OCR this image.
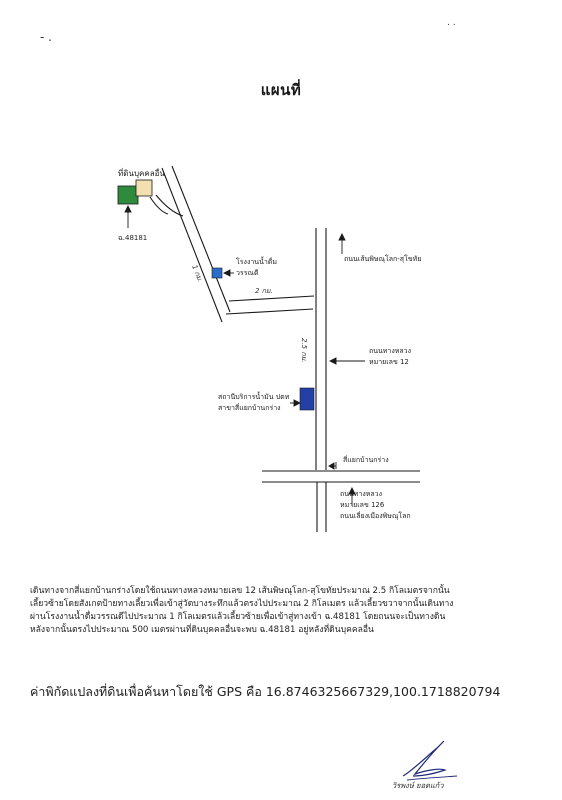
‑ .
. .
แผนที่
ที่ดินบุคคลอื่น
ฉ.48181
โรงงานน้ำดื่ม
วรรณดี
ถนนเส้นพิษณุโลก-สุโขทัย
2 กม.
1 กม.
2.5 กม.	ถนนทางหลวง
หมายเลข 12
สถานีบริการน้ำมัน ปตท
สาขาสี่แยกบ้านกร่าง
สี่แยกบ้านกร่าง
ถนนทางหลวง
หมายเลข 126
ถนนเลี่ยงเมืองพิษณุโลก

เดินทางจากสี่แยกบ้านกร่างโดยใช้ถนนทางหลวงหมายเลข 12 เส้นพิษณุโลก-สุโขทัยประมาณ 2.5 กิโลเมตรจากนั้น

เลี้ยวซ้ายโดยสังเกตป้ายทางเลี้ยวเพื่อเข้าสู่วัดบางระทึกแล้วตรงไปประมาณ 2 กิโลเมตร แล้วเลี้ยวขวาจากนั้นเดินทาง

ผ่านโรงงานน้ำดื่มวรรณดีไปประมาณ 1 กิโลเมตรแล้วเลี้ยวซ้ายเพื่อเข้าสู่ทางเข้า ฉ.48181 โดยถนนจะเป็นทางดิน

หลังจากนั้นตรงไปประมาณ 500 เมตรผ่านที่ดินบุคคลอื่นจะพบ ฉ.48181 อยู่หลังที่ดินบุคคลอื่น

ค่าพิกัดแปลงที่ดินเพื่อค้นหาโดยใช้ GPS คือ 16.8746325667329,100.1718820794
วิรพงษ์ ยอดแก้ว
